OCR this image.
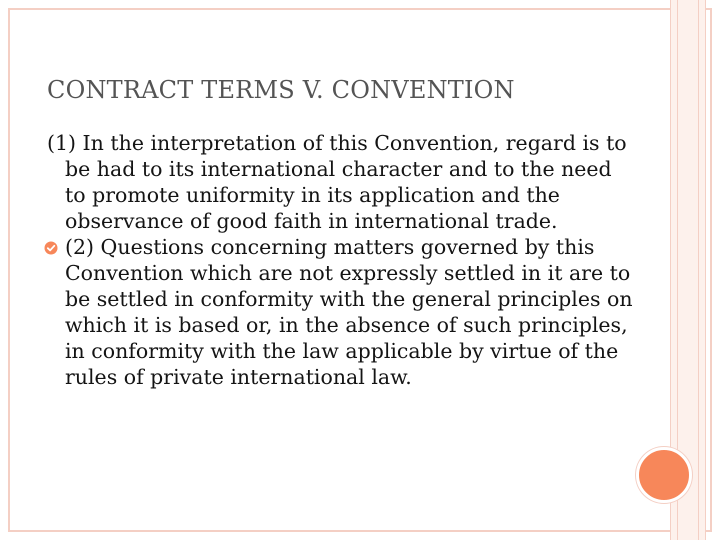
CONTRACT TERMS V. CONVENTION

(1) In the interpretation of this Convention, regard is to be had to its international character and to the need to promote uniformity in its application and the observance of good faith in international trade.

(2) Questions concerning matters governed by this Convention which are not expressly settled in it are to be settled in conformity with the general principles on which it is based or, in the absence of such principles, in conformity with the law applicable by virtue of the rules of private international law.
